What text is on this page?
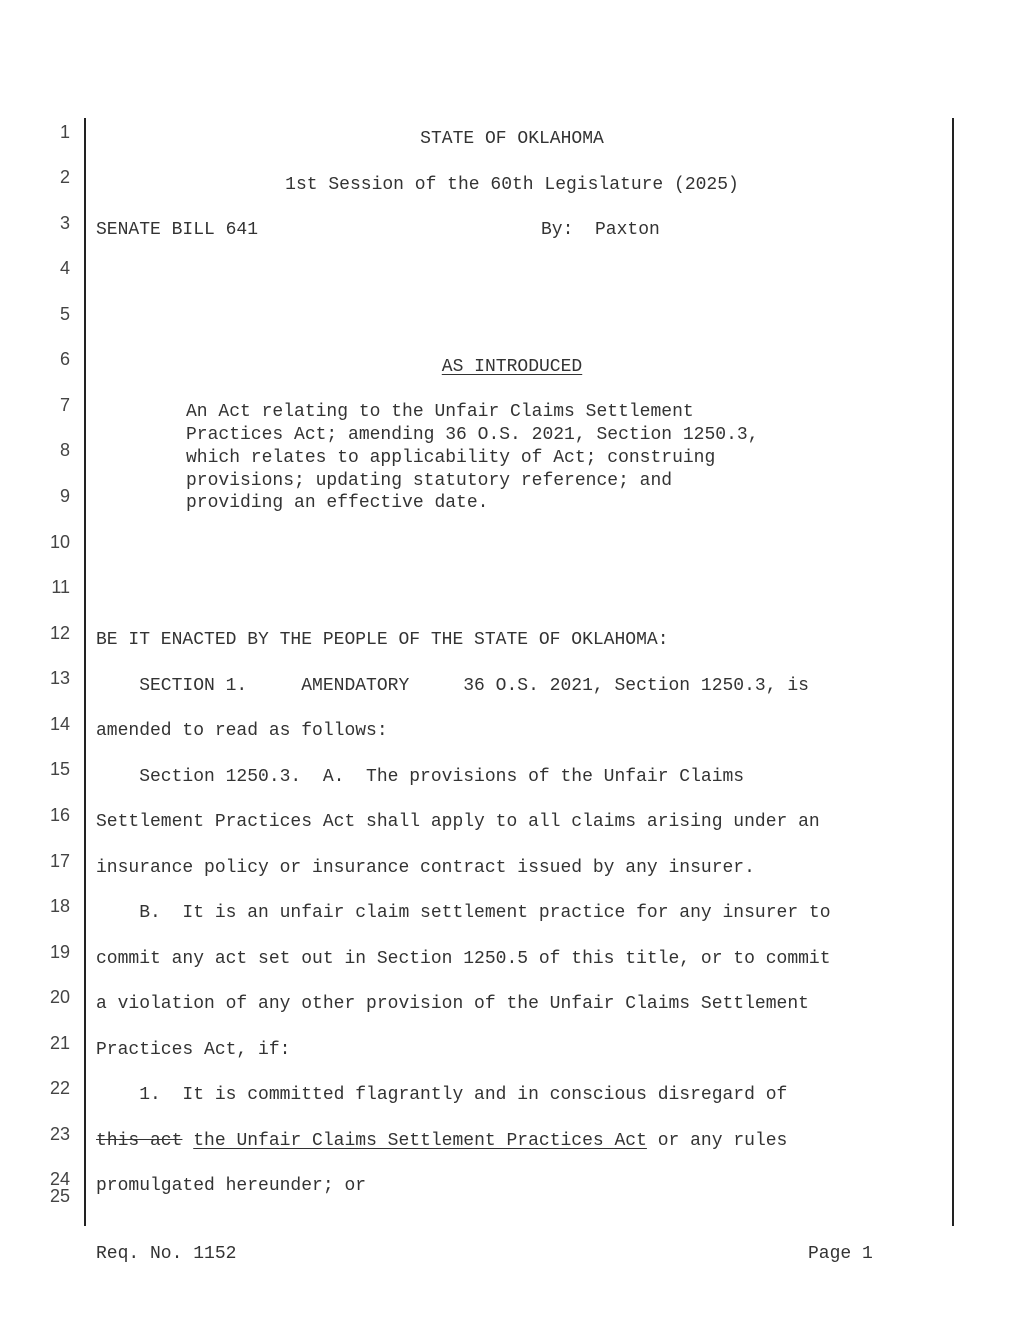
1
2
3
4
5
6
7
8
9
10
11
12
13
14
15
16
17
18
19
20
21
22
23
24
25
STATE OF OKLAHOMA
1st Session of the 60th Legislature (2025)
SENATE BILL 641	By:  Paxton
AS INTRODUCED
An Act relating to the Unfair Claims Settlement
Practices Act; amending 36 O.S. 2021, Section 1250.3,
which relates to applicability of Act; construing
provisions; updating statutory reference; and
providing an effective date.
BE IT ENACTED BY THE PEOPLE OF THE STATE OF OKLAHOMA:
SECTION 1.     AMENDATORY     36 O.S. 2021, Section 1250.3, is
amended to read as follows:
Section 1250.3.  A.  The provisions of the Unfair Claims
Settlement Practices Act shall apply to all claims arising under an
insurance policy or insurance contract issued by any insurer.
B.  It is an unfair claim settlement practice for any insurer to
commit any act set out in Section 1250.5 of this title, or to commit
a violation of any other provision of the Unfair Claims Settlement
Practices Act, if:
1.  It is committed flagrantly and in conscious disregard of
this act the Unfair Claims Settlement Practices Act or any rules
promulgated hereunder; or
Req. No. 1152	Page 1
